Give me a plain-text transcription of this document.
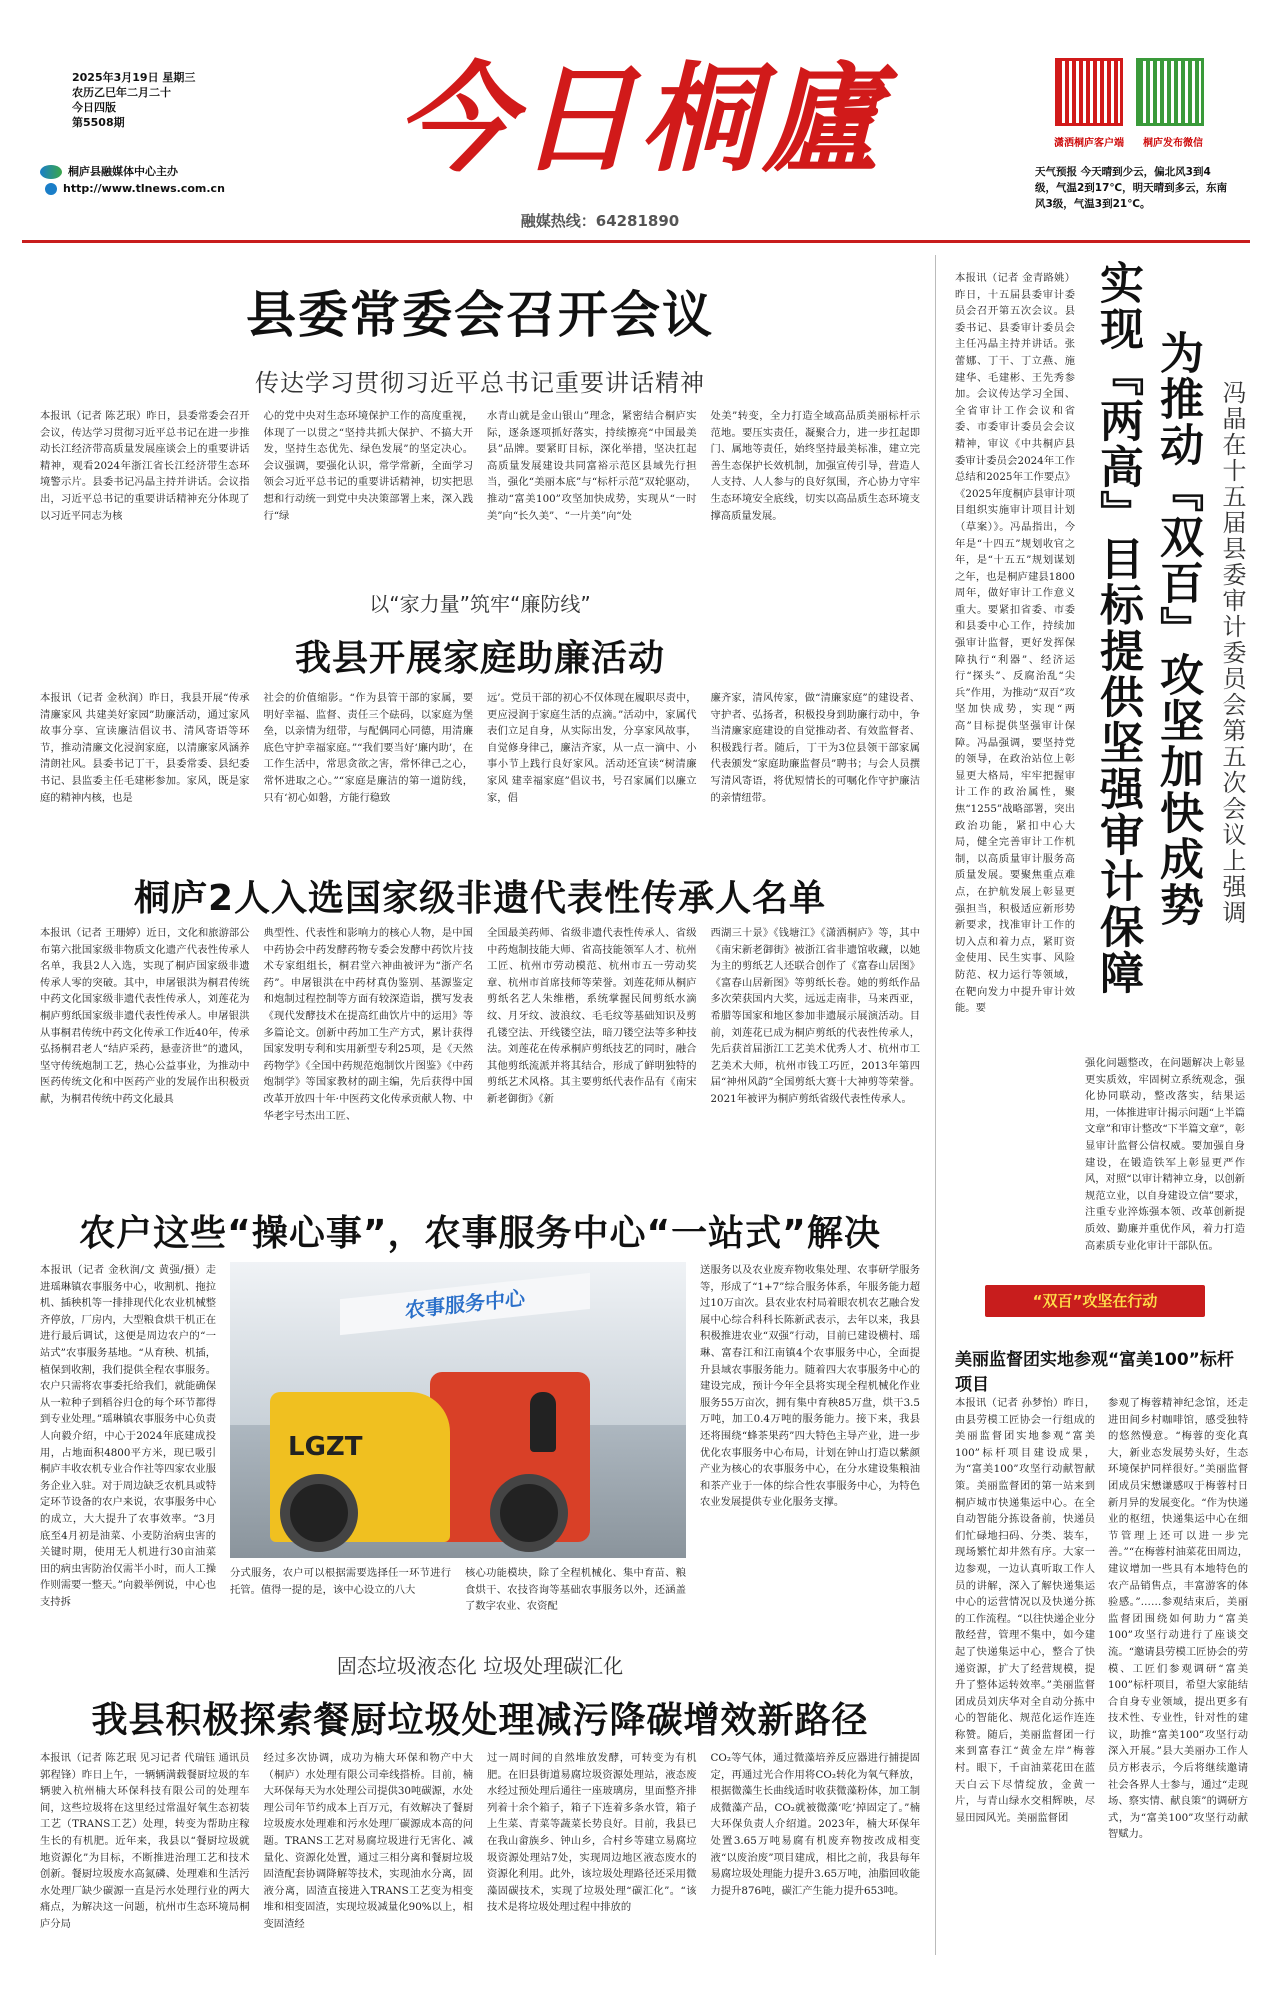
2025年3月19日 星期三
农历乙巳年二月二十
今日四版
第5508期
桐庐县融媒体中心主办
http://www.tlnews.com.cn
今日桐廬
融媒热线：64281890
潇洒桐庐客户端	桐庐发布微信
天气预报 今天晴到少云，偏北风3到4级，气温2到17℃，明天晴到多云，东南风3级，气温3到21℃。
县委常委会召开会议
传达学习贯彻习近平总书记重要讲话精神
本报讯（记者 陈艺珉）昨日，县委常委会召开会议，传达学习贯彻习近平总书记在进一步推动长江经济带高质量发展座谈会上的重要讲话精神，观看2024年浙江省长江经济带生态环境警示片。县委书记冯晶主持并讲话。会议指出，习近平总书记的重要讲话精神充分体现了以习近平同志为核
心的党中央对生态环境保护工作的高度重视，体现了一以贯之“坚持共抓大保护、不搞大开发，坚持生态优先、绿色发展”的坚定决心。会议强调，要强化认识，常学常新，全面学习领会习近平总书记的重要讲话精神，切实把思想和行动统一到党中央决策部署上来，深入践行“绿
水青山就是金山银山”理念，紧密结合桐庐实际，逐条逐项抓好落实，持续擦亮“中国最美县”品牌。要紧盯目标，深化举措，坚决扛起高质量发展建设共同富裕示范区县域先行担当，强化“美丽本底”与“标杆示范”双轮驱动，推动“富美100”攻坚加快成势，实现从“一时美”向“长久美”、“一片美”向“处
处美”转变，全力打造全域高品质美丽标杆示范地。要压实责任，凝聚合力，进一步扛起即门、属地等责任，始终坚持最美标准，建立完善生态保护长效机制，加强宣传引导，营造人人支持、人人参与的良好氛围，齐心协力守牢生态环境安全底线，切实以高品质生态环境支撑高质量发展。
以“家力量”筑牢“廉防线”
我县开展家庭助廉活动
本报讯（记者 金秋润）昨日，我县开展“传承清廉家风 共建美好家园”助廉活动，通过家风故事分享、宣读廉洁倡议书、清风寄语等环节，推动清廉文化浸润家庭，以清廉家风涵养清朗社风。县委书记丁干，县委常委、县纪委书记、县监委主任毛建彬参加。家风，既是家庭的精神内核，也是
社会的价值缩影。“作为县管干部的家属，要明好幸福、监督、责任三个砝码，以家庭为堡垒，以亲情为纽带，与配偶同心同德，用清廉底色守护幸福家庭。”“我们要当好‘廉内助’，在工作生活中，常思贪欲之害，常怀律己之心，常怀进取之心。”“家庭是廉洁的第一道防线，只有‘初心如磐，方能行稳致
远’。党员干部的初心不仅体现在履职尽责中，更应浸润于家庭生活的点滴。”活动中，家属代表们立足自身，从实际出发，分享家风故事，自觉修身律己，廉洁齐家，从一点一滴中、小事小节上践行良好家风。活动还宣读“树清廉家风 建幸福家庭”倡议书，号召家属们以廉立家，倡
廉齐家，清风传家，做“清廉家庭”的建设者、守护者、弘扬者，积极投身到助廉行动中，争当清廉家庭建设的自觉推动者、有效监督者、积极践行者。随后，丁干为3位县领干部家属代表颁发“家庭助廉监督员”聘书；与会人员撰写清风寄语，将优短情长的可嘱化作守护廉洁的亲情纽带。
桐庐2人入选国家级非遗代表性传承人名单
本报讯（记者 王珊婷）近日，文化和旅游部公布第六批国家级非物质文化遗产代表性传承人名单，我县2人入选，实现了桐庐国家级非遗传承人零的突破。其中，申屠银洪为桐君传统中药文化国家级非遗代表性传承人，刘莲花为桐庐剪纸国家级非遗代表性传承人。申屠银洪从事桐君传统中药文化传承工作近40年，传承弘扬桐君老人“结庐采药，悬壶济世”的遗风，坚守传统炮制工艺，热心公益事业，为推动中医药传统文化和中医药产业的发展作出积极贡献，为桐君传统中药文化最具
典型性、代表性和影响力的核心人物，是中国中药协会中药发酵药物专委会发酵中药饮片技术专家组组长，桐君堂六神曲被评为“浙产名药”。申屠银洪在中药材真伪鉴别、基源鉴定和炮制过程控制等方面有较深造诣，撰写发表《现代发酵技术在提高红曲饮片中的运用》等多篇论文。创新中药加工生产方式，累计获得国家发明专利和实用新型专利25项，是《天然药物学》《全国中药规范炮制饮片图鉴》《中药炮制学》等国家教材的副主编，先后获得中国改革开放四十年·中医药文化传承贡献人物、中华老字号杰出工匠、
全国最美药师、省级非遗代表性传承人、省级中药炮制技能大师、省高技能领军人才、杭州工匠、杭州市劳动模范、杭州市五一劳动奖章、杭州市首席技师等荣誉。刘莲花师从桐庐剪纸名艺人朱维楷，系统掌握民间剪纸水滴纹、月牙纹、波浪纹、毛毛纹等基础知识及剪孔镂空法、开线镂空法，暗刀镂空法等多种技法。刘莲花在传承桐庐剪纸技艺的同时，融合其他剪纸流派并将其结合，形成了鲜明独特的剪纸艺术风格。其主要剪纸代表作品有《南宋新老御街》《新
西湖三十景》《钱塘江》《潇洒桐庐》等，其中《南宋新老御街》被浙江省非遗馆收藏，以她为主的剪纸艺人还联合创作了《富春山居图》《富春山居新图》等剪纸长卷。她的剪纸作品多次荣获国内大奖，远远走南非，马来西亚，希腊等国家和地区参加非遗展示展演活动。目前，刘莲花已成为桐庐剪纸的代表性传承人，先后获首届浙江工艺美术优秀人才、杭州市工艺美术大师，杭州市钱工巧匠，2013年第四届“神州风韵”全国剪纸大赛十大神剪等荣誉。2021年被评为桐庐剪纸省级代表性传承人。
农户这些“操心事”，农事服务中心“一站式”解决
本报讯（记者 金秋润/文 黄强/摄）走进瑶琳镇农事服务中心，收割机、拖拉机、插秧机等一排排现代化农业机械整齐停放，厂房内，大型粮食烘干机正在进行最后调试，这便是周边农户的“一站式”农事服务基地。“从育秧、机插，植保到收割，我们提供全程农事服务。农户只需将农事委托给我们，就能确保从一粒种子到稻谷归仓的每个环节都得到专业处理。”瑶琳镇农事服务中心负责人向毅介绍，中心于2024年底建成投用，占地面积4800平方米，现已吸引桐庐丰收农机专业合作社等四家农业服务企业入驻。对于周边缺乏农机具或特定环节设备的农户来说，农事服务中心的成立，大大提升了农事效率。“3月底至4月初是油菜、小麦防治病虫害的关键时期，使用无人机进行30亩油菜田的病虫害防治仅需半小时，而人工操作则需要一整天。”向毅举例说，中心也支持拆
农事服务中心
LGZT
分式服务，农户可以根据需要选择任一环节进行托管。值得一提的是，该中心设立的八大
核心功能模块，除了全程机械化、集中育苗、粮食烘干、农技咨询等基础农事服务以外，还涵盖了数字农业、农资配
送服务以及农业废弃物收集处理、农事研学服务等，形成了“1+7”综合服务体系，年服务能力超过10万亩次。县农业农村局着眼农机农艺融合发展中心综合科科长陈新武表示，去年以来，我县积极推进农业“双强”行动，目前已建设横村、瑶琳、富春江和江南镇4个农事服务中心，全面提升县域农事服务能力。随着四大农事服务中心的建设完成，预计今年全县将实现全程机械化作业服务55万亩次，拥有集中育秧85万盘，烘干3.5万吨，加工0.4万吨的服务能力。接下来，我县还将围绕“蜂茶果药”四大特色主导产业，进一步优化农事服务中心布局，计划在钟山打造以紫颜产业为核心的农事服务中心，在分水建设集粮油和茶产业于一体的综合性农事服务中心，为特色农业发展提供专业化服务支撑。
固态垃圾液态化 垃圾处理碳汇化
我县积极探索餐厨垃圾处理减污降碳增效新路径
本报讯（记者 陈艺珉 见习记者 代瑞钰 通讯员 郭程锋）昨日上午，一辆辆满载餐厨垃圾的车辆驶入杭州楠大环保科技有限公司的处理车间，这些垃圾将在这里经过常温好氧生态初装工艺（TRANS工艺）处理，转变为帮助庄稼生长的有机肥。近年来，我县以“餐厨垃圾就地资源化”为目标，不断推进治理工艺和技术创新。餐厨垃圾废水高氮磷、处理难和生活污水处理厂缺少碳源一直是污水处理行业的两大痛点，为解决这一问题，杭州市生态环境局桐庐分局
经过多次协调，成功为楠大环保和物产中大（桐庐）水处理有限公司牵线搭桥。目前，楠大环保每天为水处理公司提供30吨碳源，水处理公司年节约成本上百万元，有效解决了餐厨垃圾废水处理难和污水处理厂碳源成本高的问题。TRANS工艺对易腐垃圾进行无害化、减量化、资源化处置，通过三相分离和餐厨垃圾固渣配套协调降解等技术，实现油水分离，固液分离，固渣直接进入TRANS工艺变为相变堆和相变固渣，实现垃圾减量化90%以上，相变固渣经
过一周时间的自然堆放发酵，可转变为有机肥。在旧县街道易腐垃圾资源处理站，液态废水经过预处理后通往一座玻璃房，里面整齐排列着十余个箱子，箱子下连着多条水管，箱子上生菜、青菜等蔬菜长势良好。目前，我县已在我山畲族乡、钟山乡，合村乡等建立易腐垃圾资源处理站7处，实现周边地区液态废水的资源化利用。此外，该垃圾处理路径还采用微藻固碳技术，实现了垃圾处理“碳汇化”。“该技术是将垃圾处理过程中排放的
CO₂等气体，通过微藻培养反应器进行捕提固定，再通过光合作用将CO₂转化为氧气释放，根据微藻生长曲线适时收获微藻粉体，加工制成微藻产品，CO₂就被微藻‘吃’掉固定了。”楠大环保负责人介绍道。2023年，楠大环保年处置3.65万吨易腐有机废弃物按改成相变液“以废治废”项目建成，相比之前，我县每年易腐垃圾处理能力提升3.65万吨，油脂回收能力提升876吨，碳汇产生能力提升653吨。
本报讯（记者 金青路姚）昨日，十五届县委审计委员会召开第五次会议。县委书记、县委审计委员会主任冯晶主持并讲话。张蕾娜、丁干、丁立燕、施建华、毛建彬、王先秀参加。会议传达学习全国、全省审计工作会议和省委、市委审计委员会会议精神，审议《中共桐庐县委审计委员会2024年工作总结和2025年工作要点》《2025年度桐庐县审计项目组织实施审计项目计划（草案）》。冯晶指出，今年是“十四五”规划收官之年，是“十五五”规划谋划之年，也是桐庐建县1800周年，做好审计工作意义重大。要紧扣省委、市委和县委中心工作，持续加强审计监督，更好发挥保障执行“利器”、经济运行“探头”、反腐治乱“尖兵”作用，为推动“双百”攻坚加快成势，实现“两高”目标提供坚强审计保障。冯晶强调，要坚持党的领导，在政治站位上彰显更大格局，牢牢把握审计工作的政治属性，聚焦“1255”战略部署，突出政治功能，紧扣中心大局，健全完善审计工作机制，以高质量审计服务高质量发展。要聚焦重点难点，在护航发展上彰显更强担当，积极适应新形势新要求，找准审计工作的切入点和着力点，紧盯资金使用、民生实事、风险防范、权力运行等领域，在靶向发力中提升审计效能。要
冯晶在十五届县委审计委员会第五次会议上强调
为推动『双百』攻坚加快成势
实现『两高』目标提供坚强审计保障
强化问题整改，在问题解决上彰显更实质效，牢固树立系统观念，强化协同联动，整改落实，结果运用，一体推进审计揭示问题“上半篇文章”和审计整改“下半篇文章”，彰显审计监督公信权威。要加强自身建设，在锻造铁军上彰显更严作风，对照“以审计精神立身，以创新规范立业，以自身建设立信”要求，注重专业淬炼强本领、改革创新提质效、勤廉并重优作风，着力打造高素质专业化审计干部队伍。
“双百”攻坚在行动
美丽监督团实地参观“富美100”标杆项目
本报讯（记者 孙梦怡）昨日，由县劳模工匠协会一行组成的美丽监督团实地参观“富美100”标杆项目建设成果，为“富美100”攻坚行动献智献策。美丽监督团的第一站来到桐庐城市快递集运中心。在全自动智能分拣设备前，快递员们忙碌地扫码、分类、装车，现场繁忙却井然有序。大家一边参观，一边认真听取工作人员的讲解，深入了解快递集运中心的运营情况以及快递分拣的工作流程。“以往快递企业分散经营，管理不集中，如今建起了快递集运中心，整合了快递资源，扩大了经营规模，提升了整体运转效率。”美丽监督团成员刘庆华对全自动分拣中心的智能化、规范化运作连连称赞。随后，美丽监督团一行来到富春江“黄金左岸”梅蓉村。眼下，千亩油菜花田在蓝天白云下尽情绽放，金黄一片，与青山绿水交相辉映，尽显田园风光。美丽监督团
参观了梅蓉精神纪念馆，还走进田间乡村咖啡馆，感受独特的悠然慢意。“梅蓉的变化真大，新业态发展势头好，生态环境保护同样很好。”美丽监督团成员宋懋谦感叹于梅蓉村日新月异的发展变化。“作为快递业的枢纽，快递集运中心在细节管理上还可以进一步完善。”“在梅蓉村油菜花田周边，建议增加一些具有本地特色的农产品销售点，丰富游客的体验感。”……参观结束后，美丽监督团围绕如何助力“富美100”攻坚行动进行了座谈交流。“邀请县劳模工匠协会的劳模、工匠们参观调研“富美100”标杆项目，希望大家能结合自身专业领域，提出更多有技术性、专业性，针对性的建议，助推“富美100”攻坚行动深入开展。”县大美丽办工作人员方彬表示，今后将继续邀请社会各界人士参与，通过“走现场、察实情、献良策”的调研方式，为“富美100”攻坚行动献智赋力。
